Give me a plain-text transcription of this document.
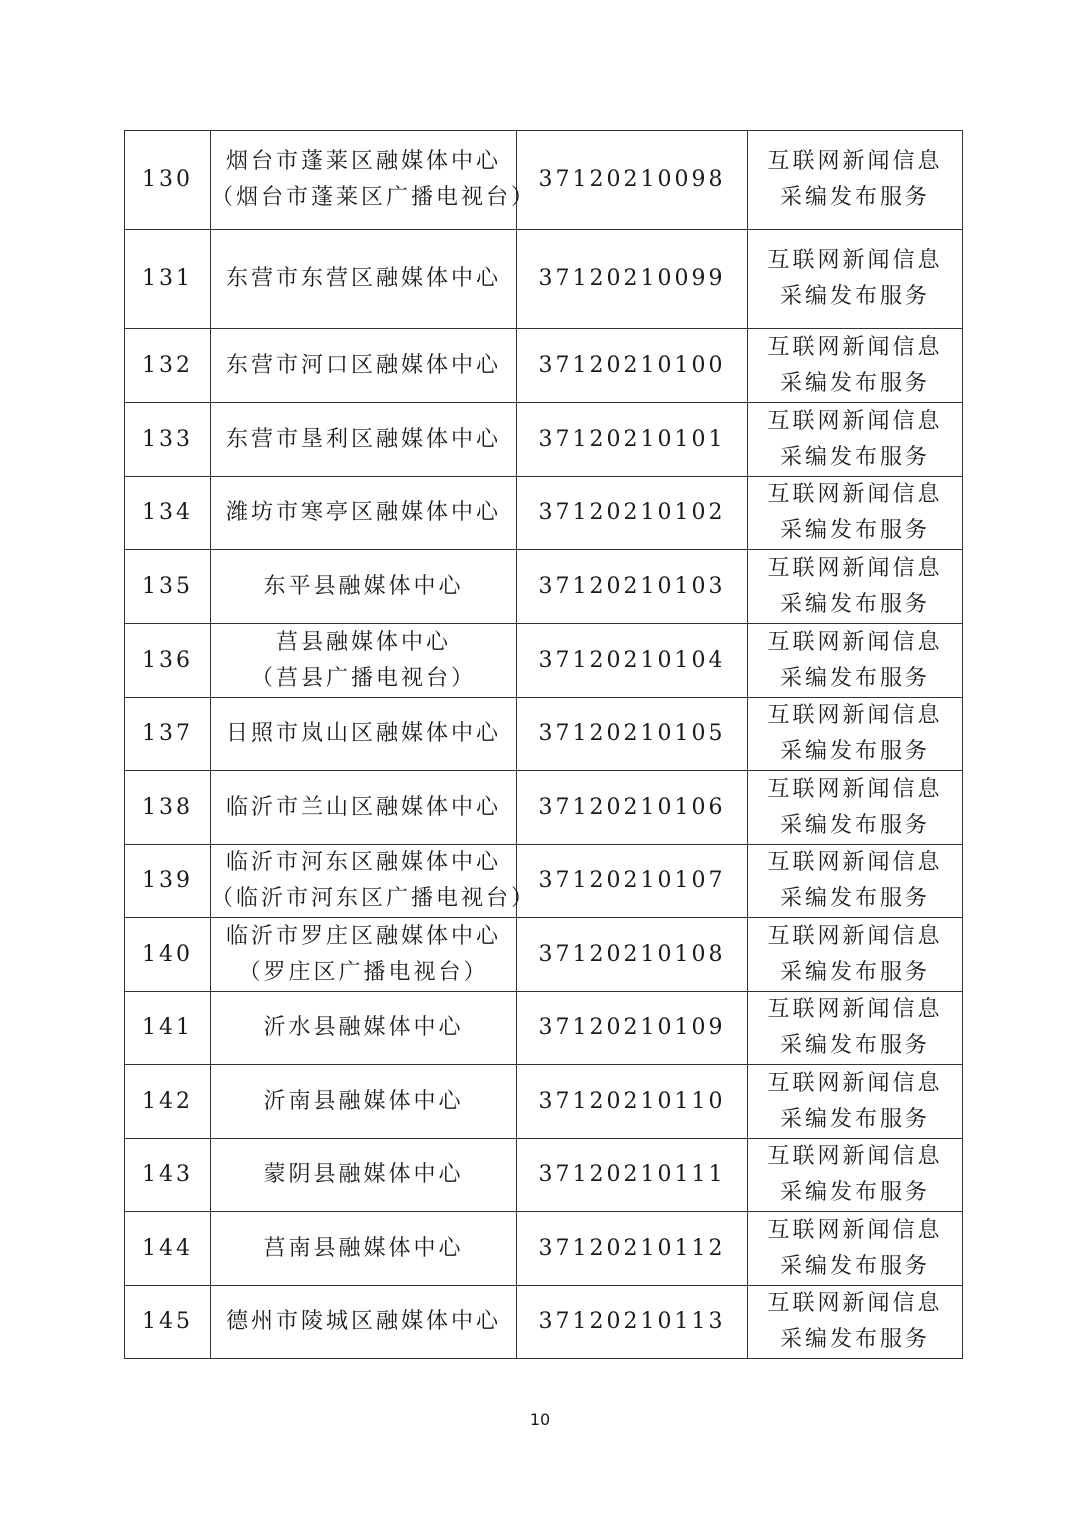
130	烟台市蓬莱区融媒体中心
（烟台市蓬莱区广播电视台）	37120210098	互联网新闻信息
采编发布服务

131	东营市东营区融媒体中心	37120210099	互联网新闻信息
采编发布服务

132	东营市河口区融媒体中心	37120210100	互联网新闻信息
采编发布服务

133	东营市垦利区融媒体中心	37120210101	互联网新闻信息
采编发布服务

134	潍坊市寒亭区融媒体中心	37120210102	互联网新闻信息
采编发布服务

135	东平县融媒体中心	37120210103	互联网新闻信息
采编发布服务

136	莒县融媒体中心
（莒县广播电视台）	37120210104	互联网新闻信息
采编发布服务

137	日照市岚山区融媒体中心	37120210105	互联网新闻信息
采编发布服务

138	临沂市兰山区融媒体中心	37120210106	互联网新闻信息
采编发布服务

139	临沂市河东区融媒体中心
（临沂市河东区广播电视台）	37120210107	互联网新闻信息
采编发布服务

140	临沂市罗庄区融媒体中心
（罗庄区广播电视台）	37120210108	互联网新闻信息
采编发布服务

141	沂水县融媒体中心	37120210109	互联网新闻信息
采编发布服务

142	沂南县融媒体中心	37120210110	互联网新闻信息
采编发布服务

143	蒙阴县融媒体中心	37120210111	互联网新闻信息
采编发布服务

144	莒南县融媒体中心	37120210112	互联网新闻信息
采编发布服务

145	德州市陵城区融媒体中心	37120210113	互联网新闻信息
采编发布服务
10
